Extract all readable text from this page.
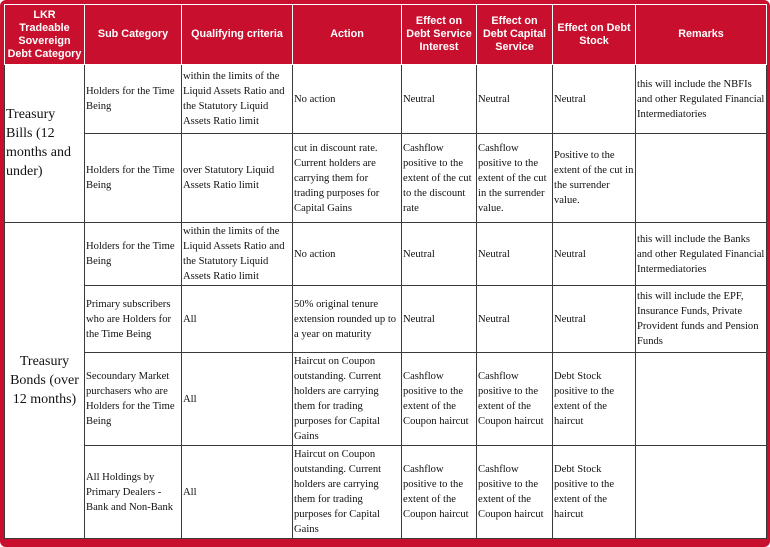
LKR Tradeable Sovereign Debt Category	Sub Category	Qualifying criteria	Action	Effect on Debt Service Interest	Effect on Debt Capital Service	Effect on Debt Stock	Remarks
Treasury Bills (12 months and under)	Holders for the Time Being	within the limits of the Liquid Assets Ratio and the Statutory Liquid Assets Ratio limit	No action	Neutral	Neutral	Neutral	this will include the NBFIs and other Regulated Financial Intermediatories
	Holders for the Time Being	over Statutory Liquid Assets Ratio limit	cut in discount rate. Current holders are carrying them for trading purposes for Capital Gains	Cashflow positive to the extent of the cut to the discount rate	Cashflow positive to the extent of the cut in the surrender value.	Positive to the extent of the cut in the surrender value.	
Treasury Bonds (over 12 months)	Holders for the Time Being	within the limits of the Liquid Assets Ratio and the Statutory Liquid Assets Ratio limit	No action	Neutral	Neutral	Neutral	this will include the Banks and other Regulated Financial Intermediatories
	Primary subscribers who are Holders for the Time Being	All	50% original tenure extension rounded up to a year on maturity	Neutral	Neutral	Neutral	this will include the EPF, Insurance Funds, Private Provident funds and Pension Funds
	Secoundary Market purchasers who are Holders for the Time Being	All	Haircut on Coupon outstanding. Current holders are carrying them for trading purposes for Capital Gains	Cashflow positive to the extent of the Coupon haircut	Cashflow positive to the extent of the Coupon haircut	Debt Stock positive to the extent of the haircut	
	All Holdings by Primary Dealers - Bank and Non-Bank	All	Haircut on Coupon outstanding. Current holders are carrying them for trading purposes for Capital Gains	Cashflow positive to the extent of the Coupon haircut	Cashflow positive to the extent of the Coupon haircut	Debt Stock positive to the extent of the haircut	
